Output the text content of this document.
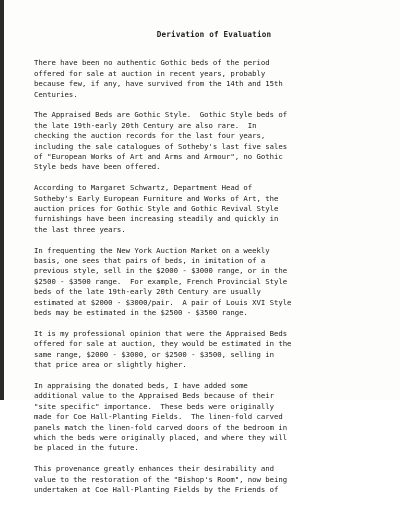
Derivation of Evaluation
There have been no authentic Gothic beds of the period
offered for sale at auction in recent years, probably
because few, if any, have survived from the 14th and 15th
Centuries.
The Appraised Beds are Gothic Style.  Gothic Style beds of
the late 19th-early 20th Century are also rare.  In
checking the auction records for the last four years,
including the sale catalogues of Sotheby's last five sales
of "European Works of Art and Arms and Armour", no Gothic
Style beds have been offered.
According to Margaret Schwartz, Department Head of
Sotheby's Early European Furniture and Works of Art, the
auction prices for Gothic Style and Gothic Revival Style
furnishings have been increasing steadily and quickly in
the last three years.
In frequenting the New York Auction Market on a weekly
basis, one sees that pairs of beds, in imitation of a
previous style, sell in the $2000 - $3000 range, or in the
$2500 - $3500 range.  For example, French Provincial Style
beds of the late 19th-early 20th Century are usually
estimated at $2000 - $3000/pair.  A pair of Louis XVI Style
beds may be estimated in the $2500 - $3500 range.
It is my professional opinion that were the Appraised Beds
offered for sale at auction, they would be estimated in the
same range, $2000 - $3000, or $2500 - $3500, selling in
that price area or slightly higher.
In appraising the donated beds, I have added some
additional value to the Appraised Beds because of their
"site specific" importance.  These beds were originally
made for Coe Hall-Planting Fields.  The linen-fold carved
panels match the linen-fold carved doors of the bedroom in
which the beds were originally placed, and where they will
be placed in the future.
This provenance greatly enhances their desirability and
value to the restoration of the "Bishop's Room", now being
undertaken at Coe Hall-Planting Fields by the Friends of
